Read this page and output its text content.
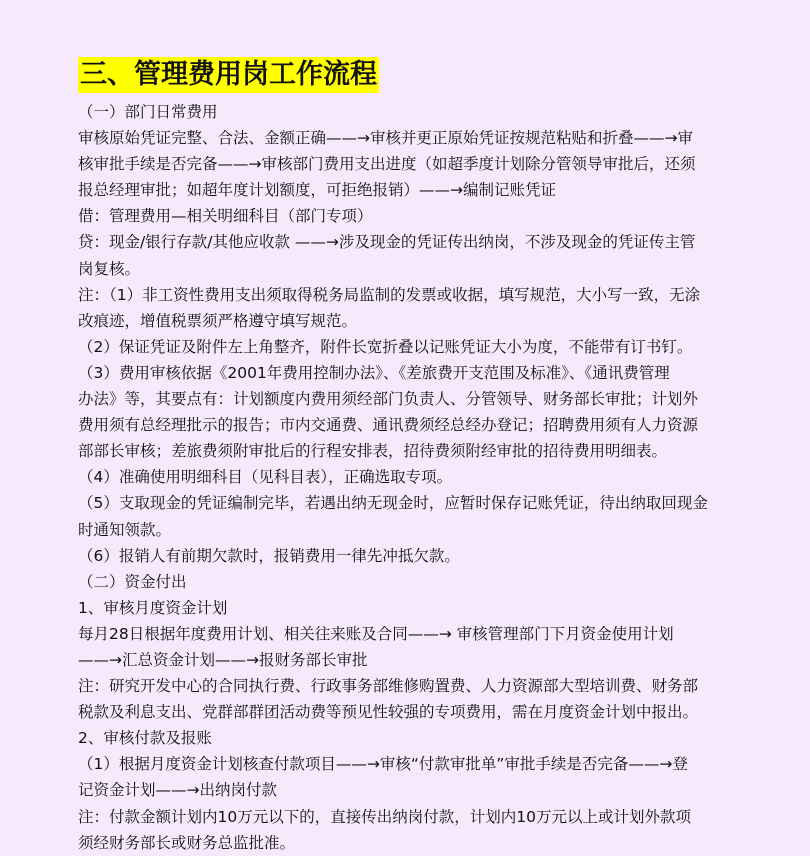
三、管理费用岗工作流程
（一）部门日常费用
审核原始凭证完整、合法、金额正确——→审核并更正原始凭证按规范粘贴和折叠——→审
核审批手续是否完备——→审核部门费用支出进度（如超季度计划除分管领导审批后，还须
报总经理审批；如超年度计划额度，可拒绝报销）——→编制记账凭证
借：管理费用—相关明细科目（部门专项）
贷：现金/银行存款/其他应收款 ——→涉及现金的凭证传出纳岗，不涉及现金的凭证传主管
岗复核。
注：（1）非工资性费用支出须取得税务局监制的发票或收据，填写规范，大小写一致，无涂
改痕迹，增值税票须严格遵守填写规范。
（2）保证凭证及附件左上角整齐，附件长宽折叠以记账凭证大小为度，不能带有订书钉。
（3）费用审核依据《2001年费用控制办法》、《差旅费开支范围及标准》、《通讯费管理
办法》等，其要点有：计划额度内费用须经部门负责人、分管领导、财务部长审批；计划外
费用须有总经理批示的报告；市内交通费、通讯费须经总经办登记；招聘费用须有人力资源
部部长审核；差旅费须附审批后的行程安排表，招待费须附经审批的招待费用明细表。
（4）准确使用明细科目（见科目表），正确选取专项。
（5）支取现金的凭证编制完毕，若遇出纳无现金时，应暂时保存记账凭证，待出纳取回现金
时通知领款。
（6）报销人有前期欠款时，报销费用一律先冲抵欠款。
（二）资金付出
1、审核月度资金计划
每月28日根据年度费用计划、相关往来账及合同——→ 审核管理部门下月资金使用计划
——→汇总资金计划——→报财务部长审批
注：研究开发中心的合同执行费、行政事务部维修购置费、人力资源部大型培训费、财务部
税款及利息支出、党群部群团活动费等预见性较强的专项费用，需在月度资金计划中报出。
2、审核付款及报账
（1）根据月度资金计划核查付款项目——→审核“付款审批单”审批手续是否完备——→登
记资金计划——→出纳岗付款
注：付款金额计划内10万元以下的，直接传出纳岗付款，计划内10万元以上或计划外款项
须经财务部长或财务总监批准。
